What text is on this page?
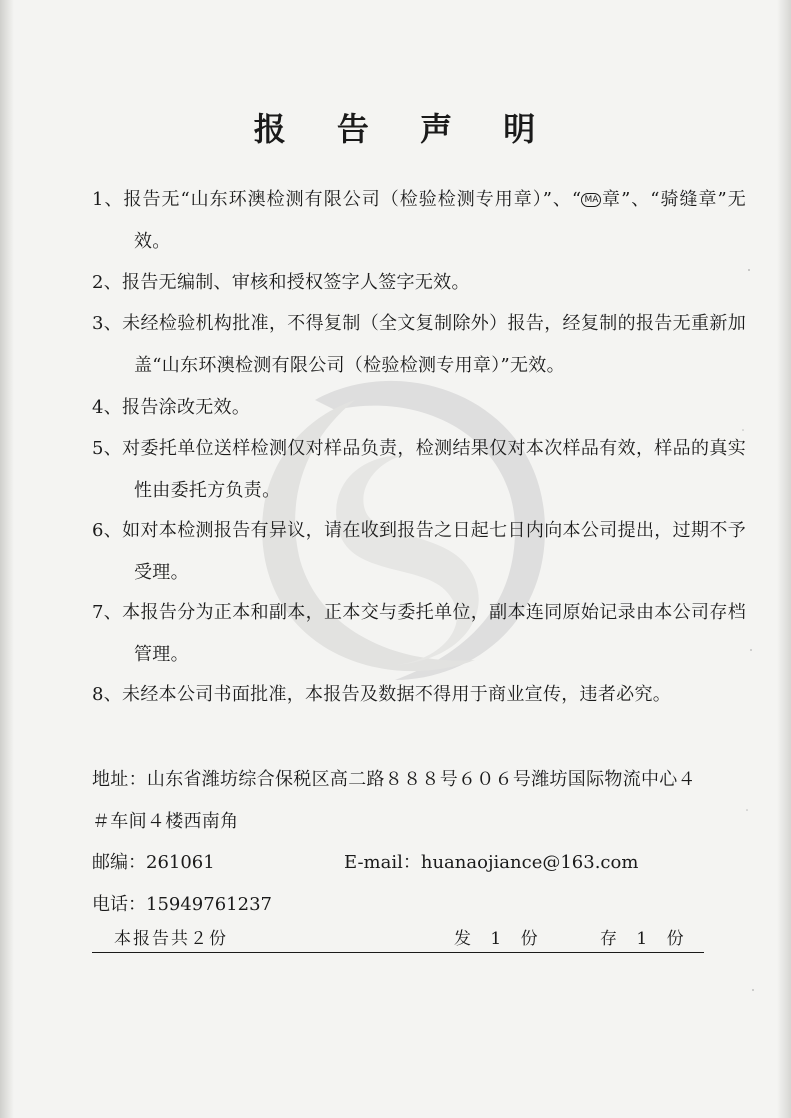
报 告 声 明

1、报告无“山东环澳检测有限公司（检验检测专用章）”、“ MA 章”、“骑缝章”无效。

2、报告无编制、审核和授权签字人签字无效。

3、未经检验机构批准，不得复制（全文复制除外）报告，经复制的报告无重新加盖“山东环澳检测有限公司（检验检测专用章）”无效。

4、报告涂改无效。

5、对委托单位送样检测仅对样品负责，检测结果仅对本次样品有效，样品的真实性由委托方负责。

6、如对本检测报告有异议，请在收到报告之日起七日内向本公司提出，过期不予受理。

7、本报告分为正本和副本，正本交与委托单位，副本连同原始记录由本公司存档管理。

8、未经本公司书面批准，本报告及数据不得用于商业宣传，违者必究。

地址：山东省潍坊综合保税区高二路８８８号６０６号潍坊国际物流中心４＃车间４楼西南角

邮编：261061	E-mail：huanaojiance@163.com

电话：15949761237

本报告共２份	发 1 份	存 1 份
